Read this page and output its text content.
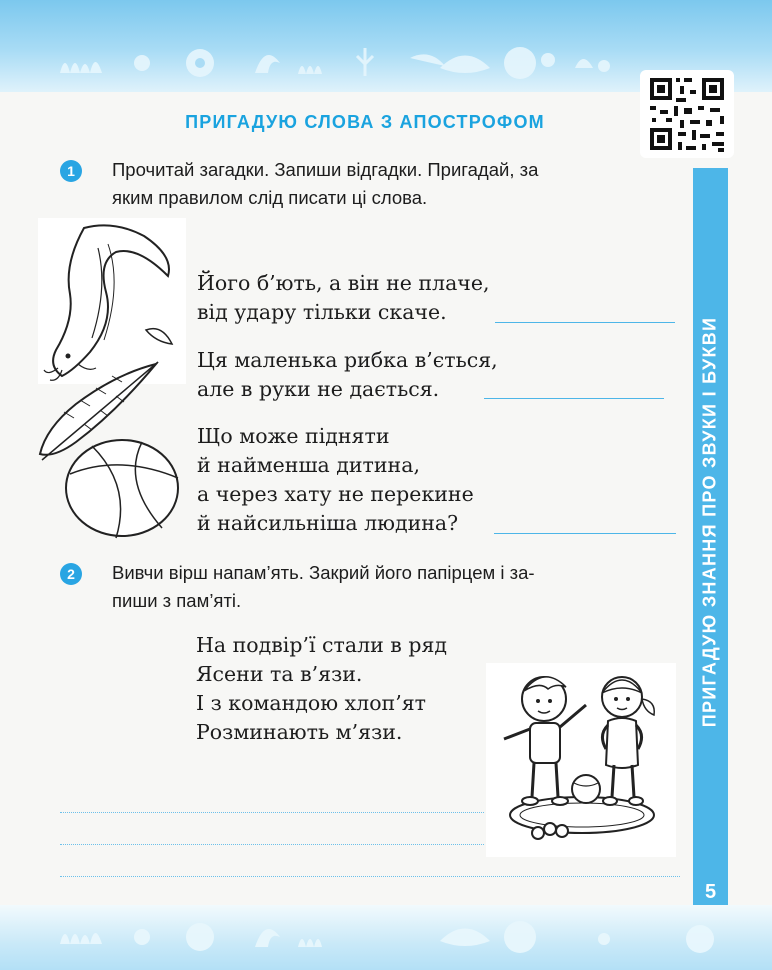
ПРИГАДУЮ СЛОВА З АПОСТРОФОМ
ПРИГАДУЮ ЗНАННЯ ПРО ЗВУКИ І БУКВИ
5
1	Прочитай загадки. Запиши відгадки. Пригадай, за
яким правилом слід писати ці слова.
Його б’ють, а він не плаче,
від удару тільки скаче.
Ця маленька рибка в’ється,
але в руки не дається.
Що може підняти
й найменша дитина,
а через хату не перекине
й найсильніша людина?
2	Вивчи вірш напам’ять. Закрий його папірцем і за-
пиши з пам’яті.
На подвір’ї стали в ряд
Ясени та в’язи.
І з командою хлоп’ят
Розминають м’язи.
